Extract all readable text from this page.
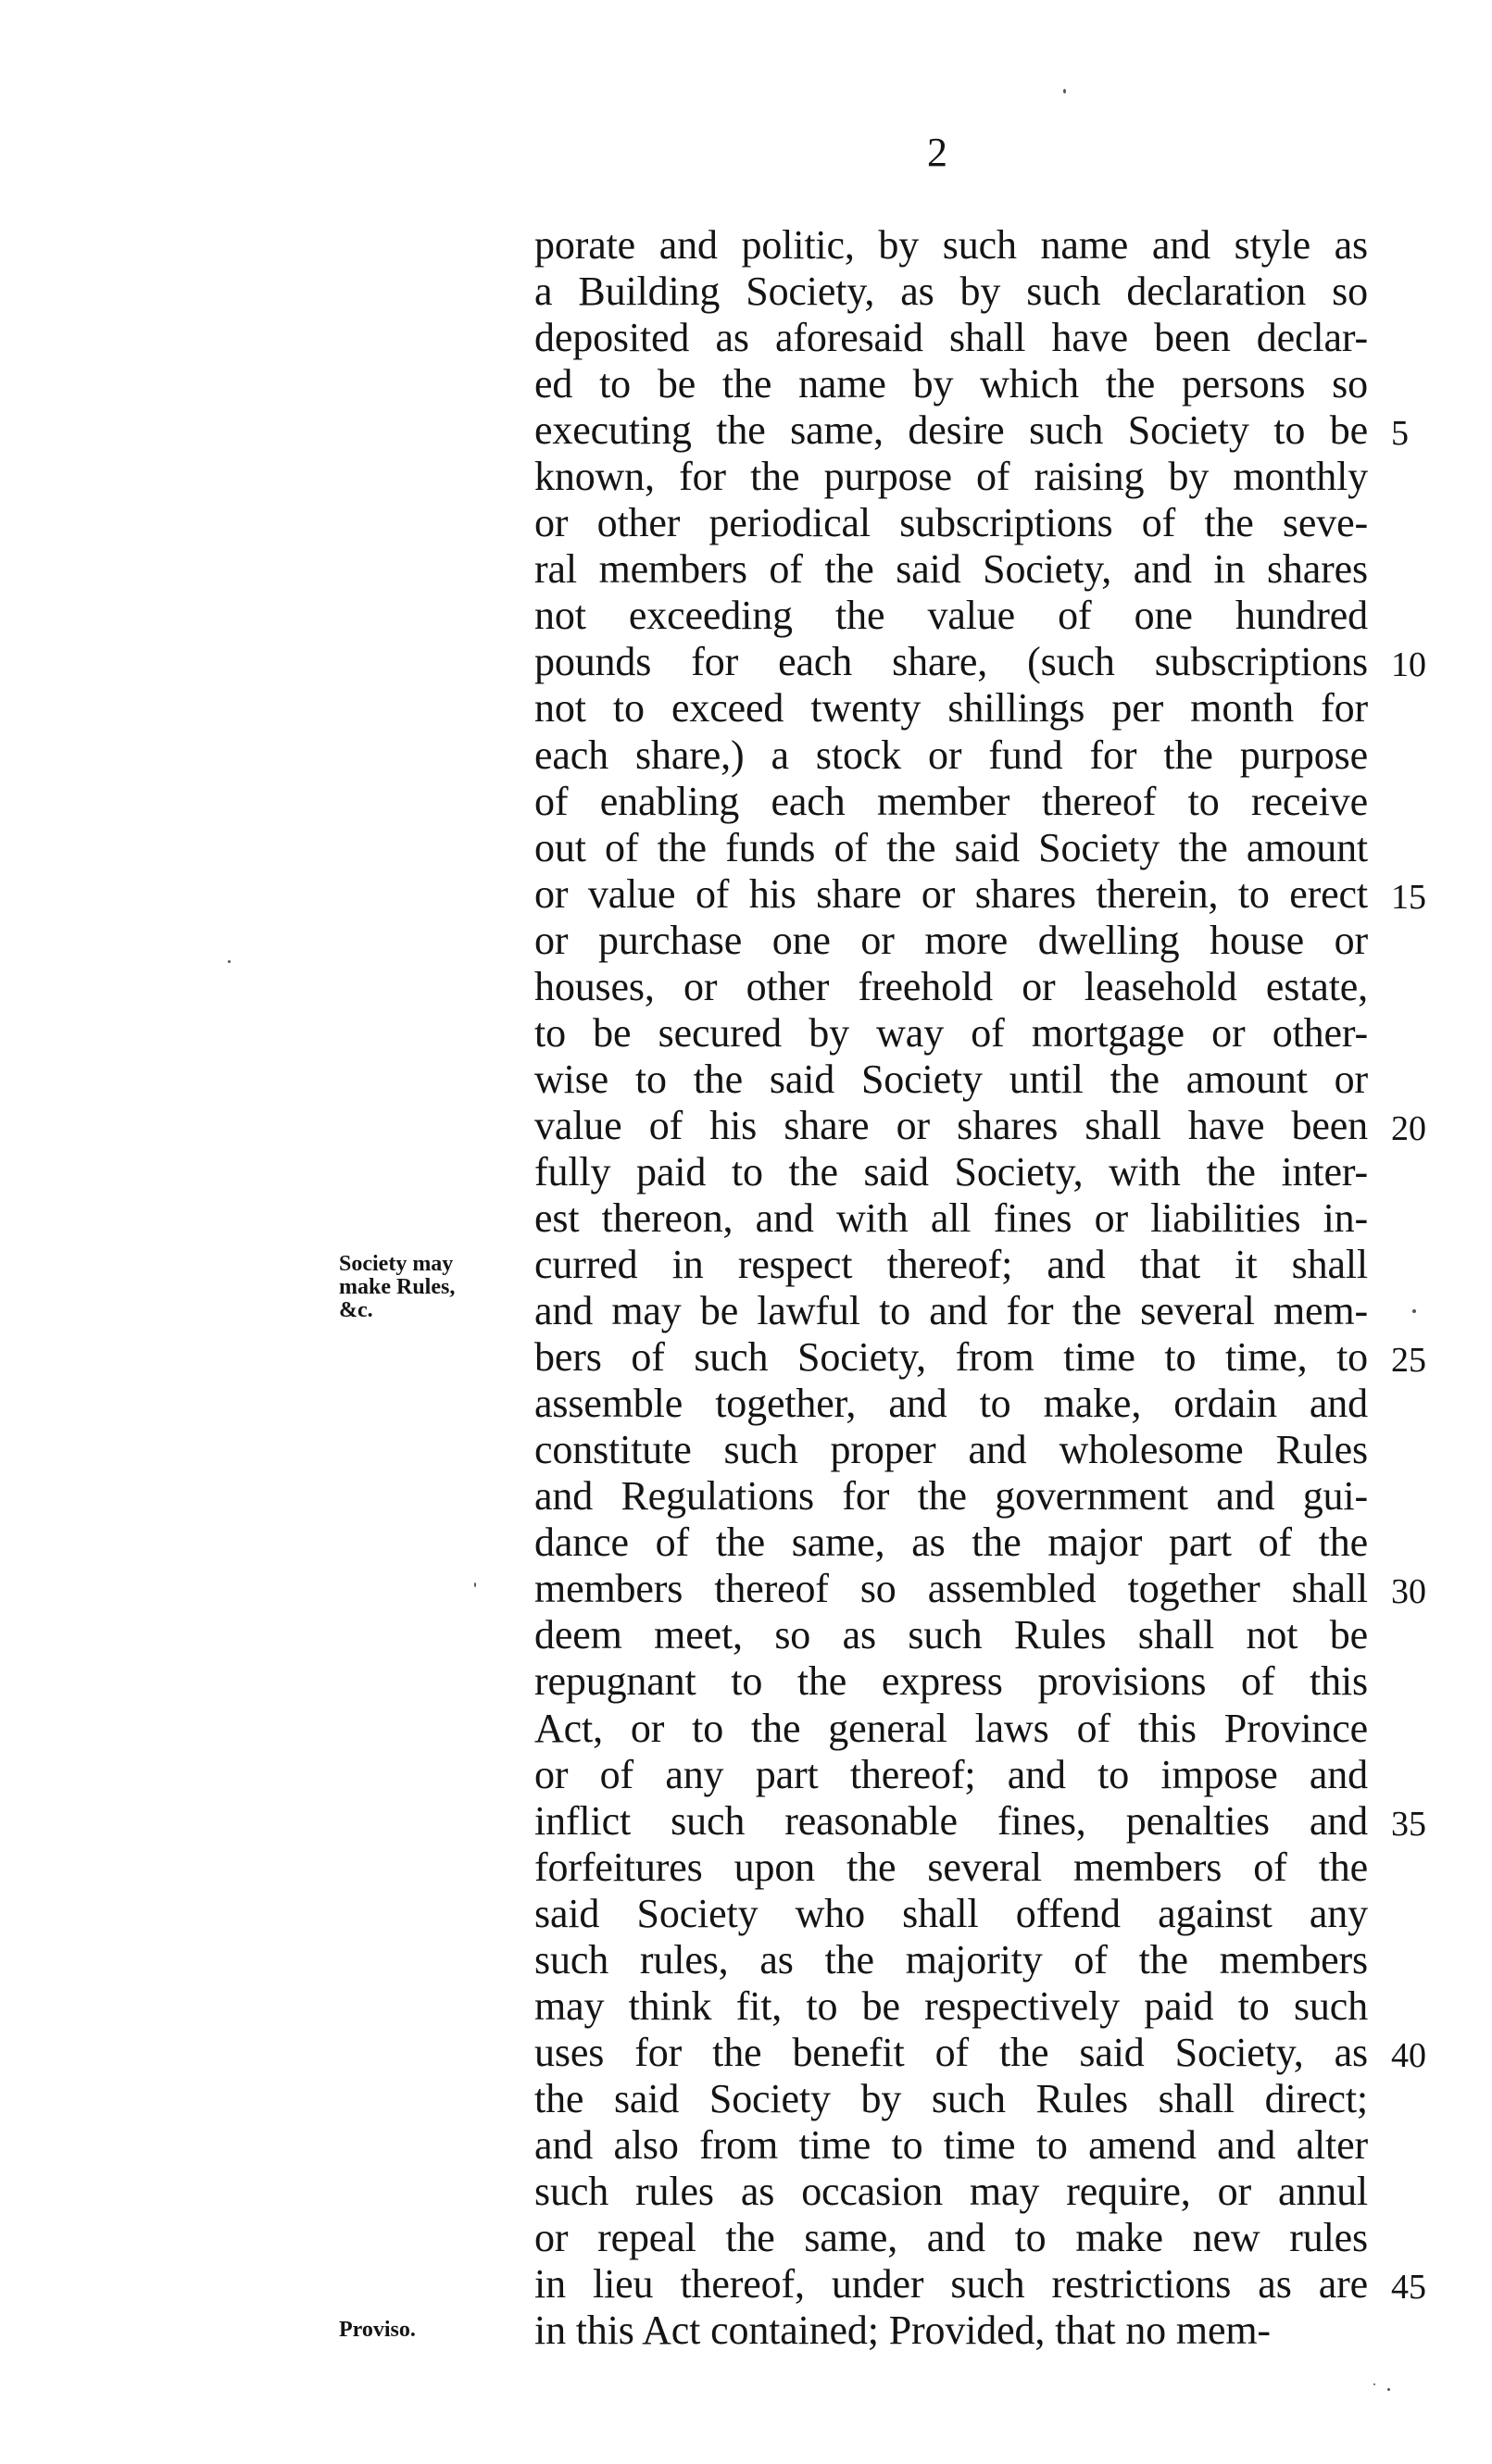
2
porate and politic, by such name and style as
a Building Society, as by such declaration so
deposited as aforesaid shall have been declar-
ed to be the name by which the persons so
executing the same, desire such Society to be
known, for the purpose of raising by monthly
or other periodical subscriptions of the seve-
ral members of the said Society, and in shares
not exceeding the value of one hundred
pounds for each share, (such subscriptions
not to exceed twenty shillings per month for
each share,) a stock or fund for the purpose
of enabling each member thereof to receive
out of the funds of the said Society the amount
or value of his share or shares therein, to erect
or purchase one or more dwelling house or
houses, or other freehold or leasehold estate,
to be secured by way of mortgage or other-
wise to the said Society until the amount or
value of his share or shares shall have been
fully paid to the said Society, with the inter-
est thereon, and with all fines or liabilities in-
curred in respect thereof; and that it shall
and may be lawful to and for the several mem-
bers of such Society, from time to time, to
assemble together, and to make, ordain and
constitute such proper and wholesome Rules
and Regulations for the government and gui-
dance of the same, as the major part of the
members thereof so assembled together shall
deem meet, so as such Rules shall not be
repugnant to the express provisions of this
Act, or to the general laws of this Province
or of any part thereof; and to impose and
inflict such reasonable fines, penalties and
forfeitures upon the several members of the
said Society who shall offend against any
such rules, as the majority of the members
may think fit, to be respectively paid to such
uses for the benefit of the said Society, as
the said Society by such Rules shall direct;
and also from time to time to amend and alter
such rules as occasion may require, or annul
or repeal the same, and to make new rules
in lieu thereof, under such restrictions as are
in this Act contained; Provided, that no mem-
5
10
15
20
25
30
35
40
45
Society may
make Rules,
&c.
Proviso.
